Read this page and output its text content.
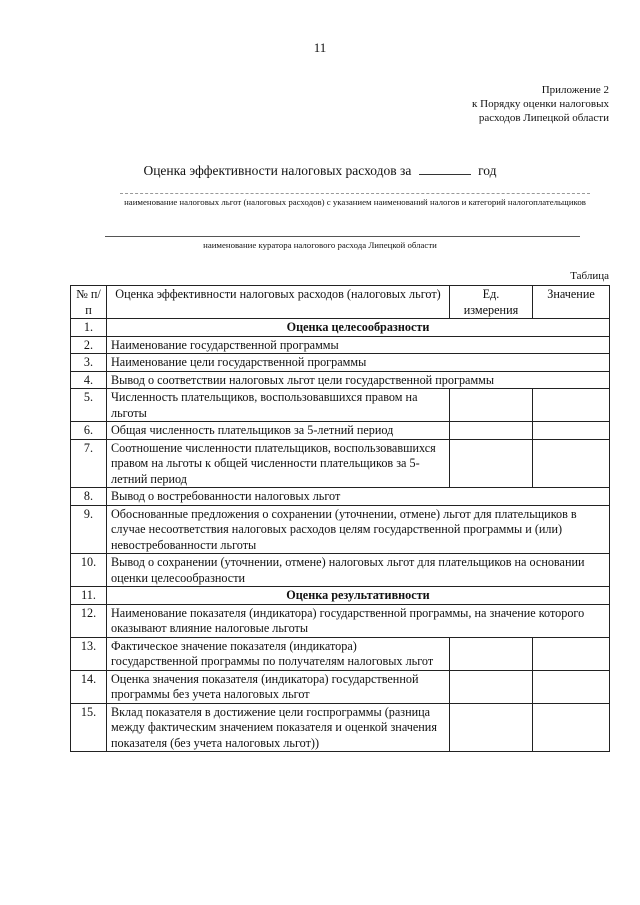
11
Приложение 2
к Порядку оценки налоговых
расходов Липецкой области
Оценка эффективности налоговых расходов за	год
наименование налоговых льгот (налоговых расходов) с указанием наименований налогов и категорий налогоплательщиков
наименование куратора налогового расхода Липецкой области
Таблица
№ п/п	Оценка эффективности налоговых расходов (налоговых льгот)	Ед. измерения	Значение
1.	Оценка целесообразности		
2.	Наименование государственной программы		
3.	Наименование цели государственной программы		
4.	Вывод о соответствии налоговых льгот цели государственной программы		
5.	Численность плательщиков, воспользовавшихся правом на льготы		
6.	Общая численность плательщиков за 5-летний период		
7.	Соотношение численности плательщиков, воспользовавшихся правом на льготы к общей численности плательщиков за 5-летний период		
8.	Вывод о востребованности налоговых льгот		
9.	Обоснованные предложения о сохранении (уточнении, отмене) льгот для плательщиков в случае несоответствия налоговых расходов целям государственной программы и (или) невостребованности льготы		
10.	Вывод о сохранении (уточнении, отмене) налоговых льгот для плательщиков на основании оценки целесообразности		
11.	Оценка результативности		
12.	Наименование показателя (индикатора) государственной программы, на значение которого оказывают влияние налоговые льготы		
13.	Фактическое значение показателя (индикатора) государственной программы по получателям налоговых льгот		
14.	Оценка значения показателя (индикатора) государственной программы без учета налоговых льгот		
15.	Вклад показателя в достижение цели госпрограммы (разница между фактическим значением показателя и оценкой значения показателя (без учета налоговых льгот))		
